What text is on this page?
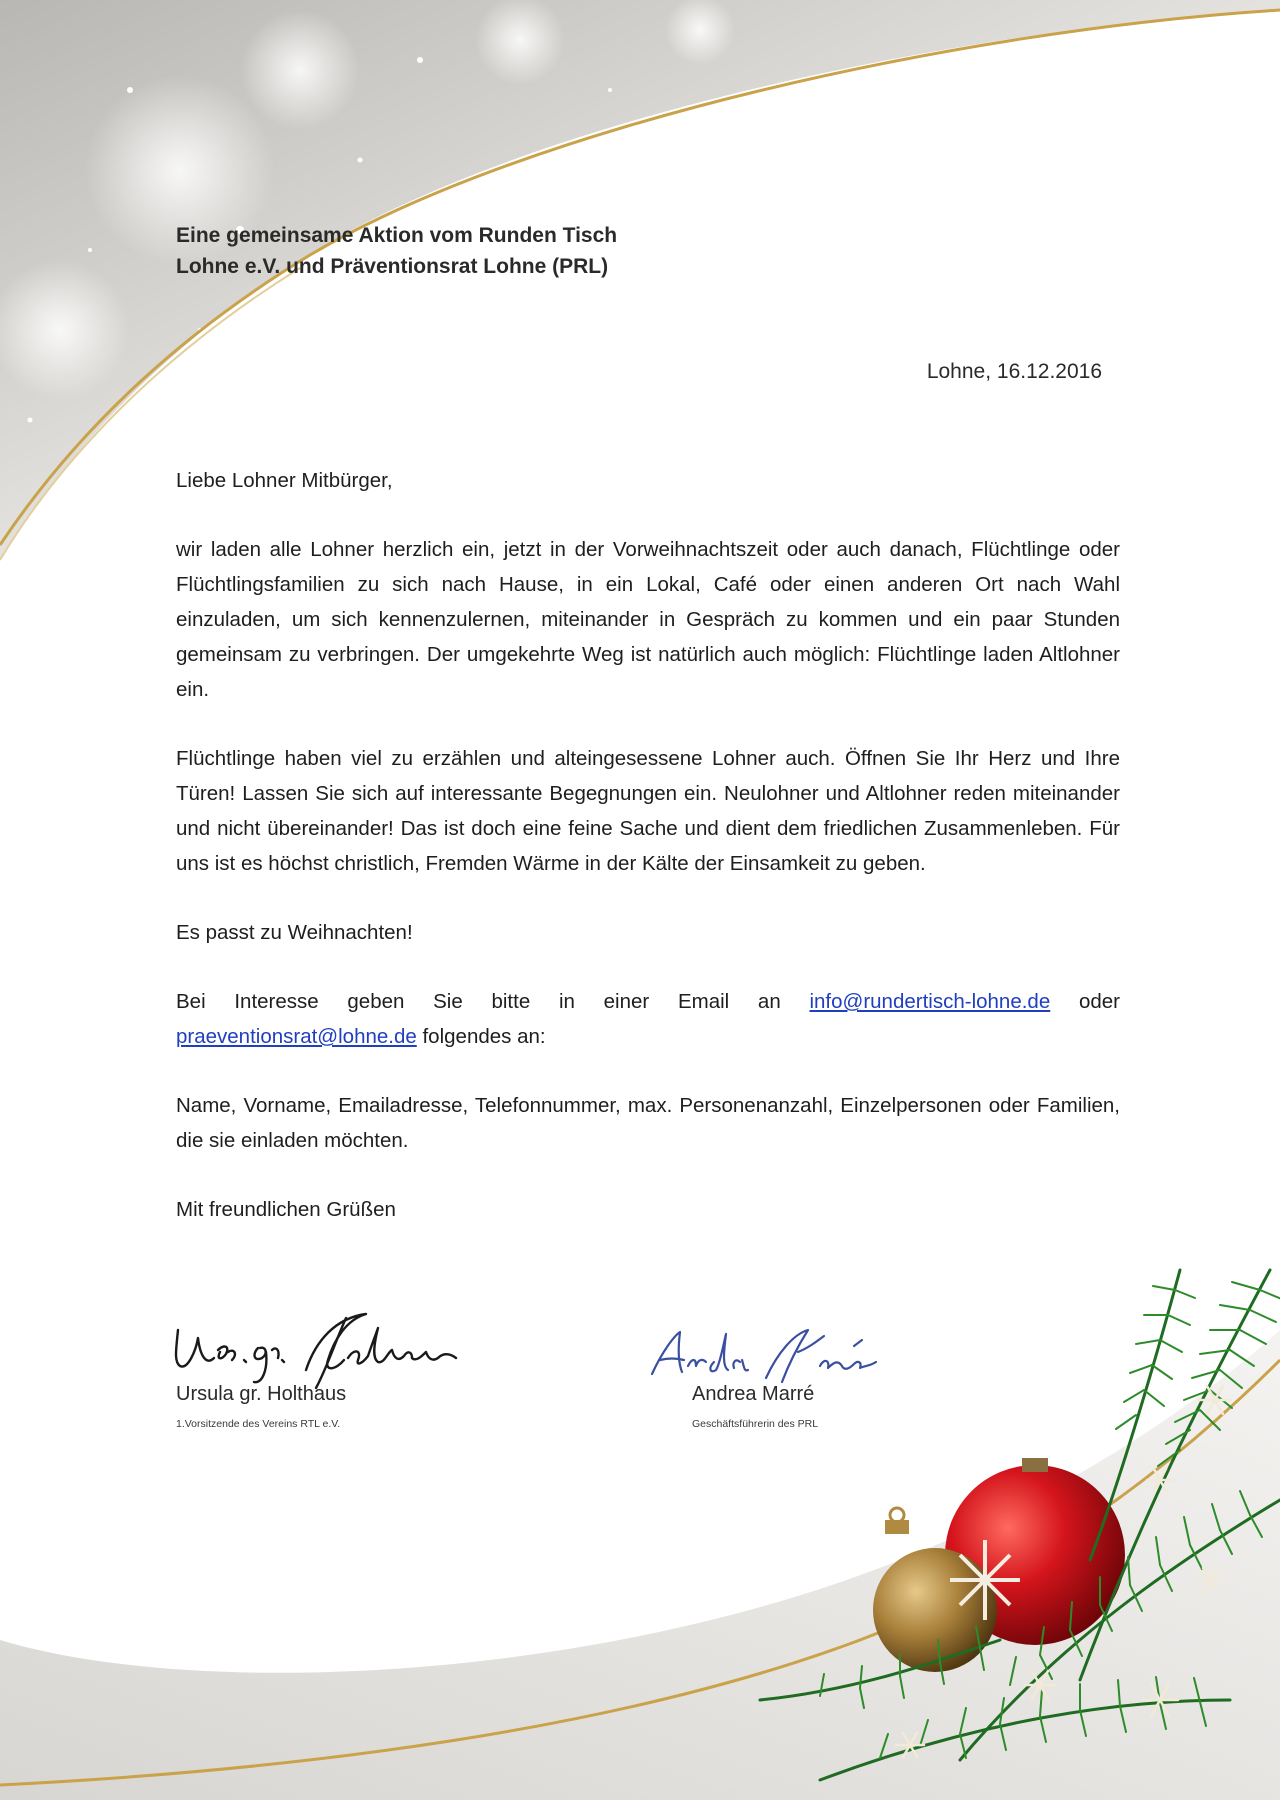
Eine gemeinsame Aktion vom Runden Tisch
Lohne e.V. und Präventionsrat Lohne (PRL)
Lohne, 16.12.2016

Liebe Lohner Mitbürger,

wir laden alle Lohner herzlich ein, jetzt in der Vorweihnachtszeit oder auch danach, Flüchtlinge oder Flüchtlingsfamilien zu sich nach Hause, in ein Lokal, Café oder einen anderen Ort nach Wahl einzuladen, um sich kennenzulernen, miteinander in Gespräch zu kommen und ein paar Stunden gemeinsam zu verbringen. Der umgekehrte Weg ist natürlich auch möglich: Flüchtlinge laden Altlohner ein.

Flüchtlinge haben viel zu erzählen und alteingesessene Lohner auch. Öffnen Sie Ihr Herz und Ihre Türen! Lassen Sie sich auf interessante Begegnungen ein. Neulohner und Altlohner reden miteinander und nicht übereinander! Das ist doch eine feine Sache und dient dem friedlichen Zusammenleben. Für uns ist es höchst christlich, Fremden Wärme in der Kälte der Einsamkeit zu geben.

Es passt zu Weihnachten!

Bei Interesse geben Sie bitte in einer Email an info@rundertisch-lohne.de oder praeventionsrat@lohne.de folgendes an:

Name, Vorname, Emailadresse, Telefonnummer, max. Personenanzahl, Einzelpersonen oder Familien, die sie einladen möchten.

Mit freundlichen Grüßen

Ursula gr. Holthaus
1.Vorsitzende des Vereins RTL e.V.
Andrea Marré
Geschäftsführerin des PRL
